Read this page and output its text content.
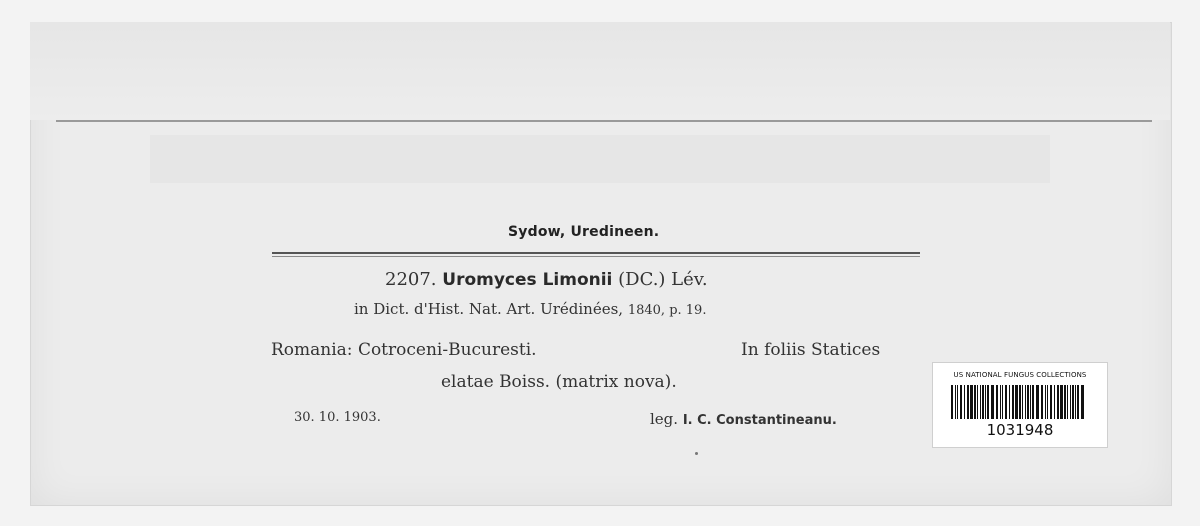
Sydow, Uredineen.
2207. Uromyces Limonii (DC.) Lév.
in Dict. d'Hist. Nat. Art. Urédinées, 1840, p. 19.
Romania: Cotroceni-Bucuresti.	In foliis Statices
elatae Boiss. (matrix nova).
30. 10. 1903.	leg. I. C. Constantineanu.
US NATIONAL FUNGUS COLLECTIONS
1031948
